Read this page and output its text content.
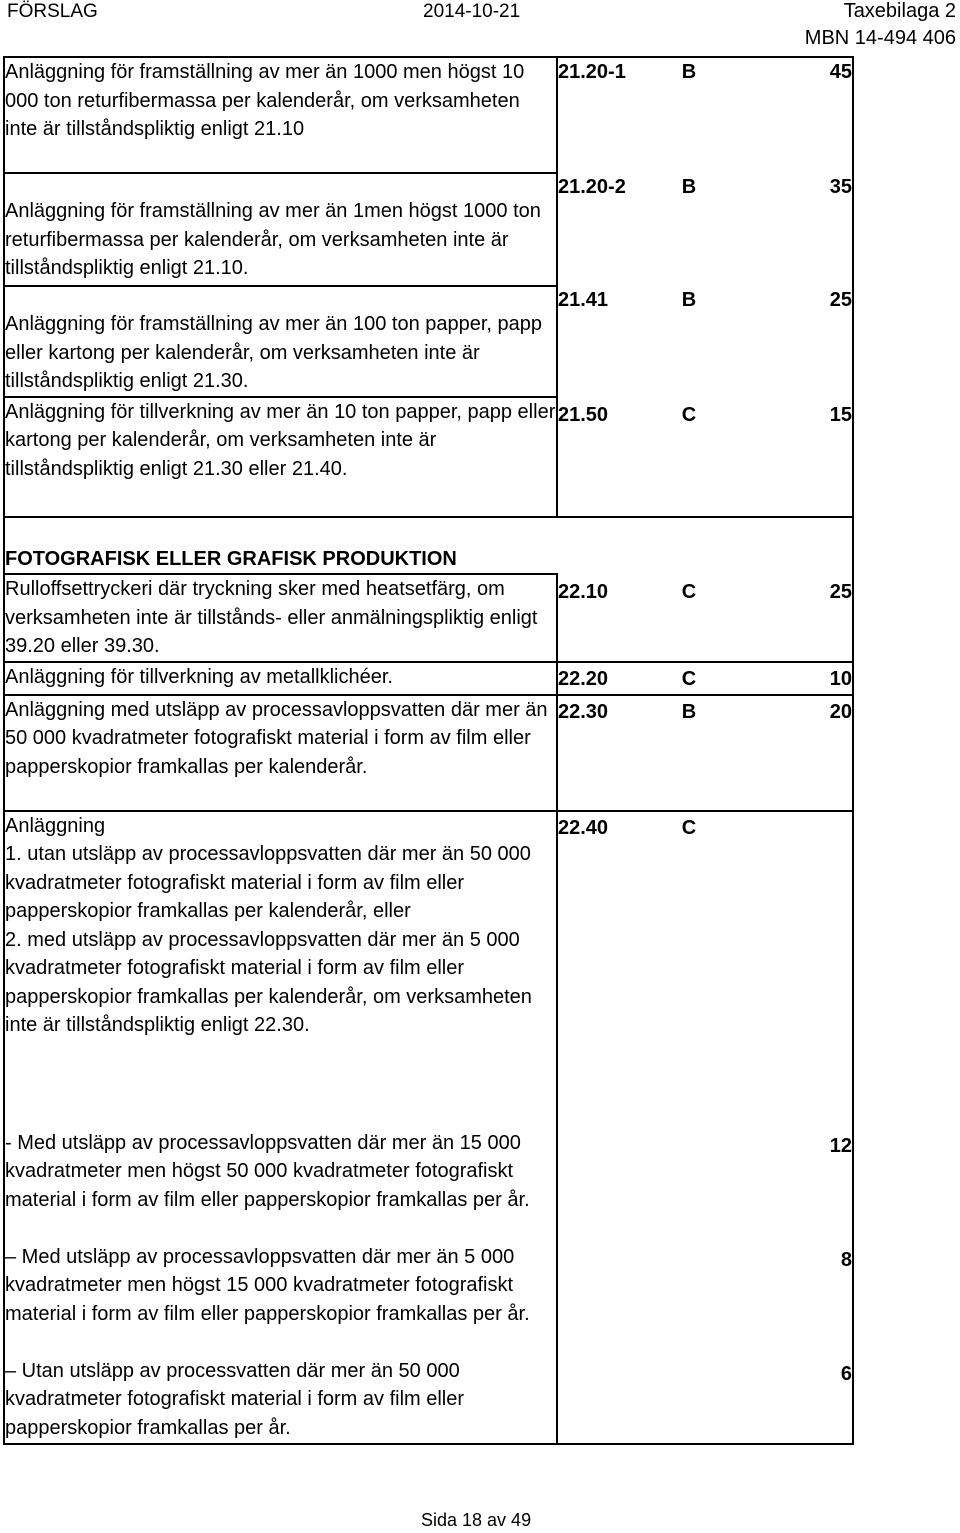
FÖRSLAG	2014-10-21	Taxebilaga 2
MBN 14-494 406
Anläggning för framställning av mer än 1000 men högst 10 000 ton returfibermassa per kalenderår, om verksamheten inte är tillståndspliktig enligt 21.10	21.20-1	B	45
Anläggning för framställning av mer än 1men högst 1000 ton returfibermassa per kalenderår, om verksamheten inte är tillståndspliktig enligt 21.10.	21.20-2	B	35
Anläggning för framställning av mer än 100 ton papper, papp eller kartong per kalenderår, om verksamheten inte är tillståndspliktig enligt 21.30.	21.41	B	25
Anläggning för tillverkning av mer än 10 ton papper, papp eller kartong per kalenderår, om verksamheten inte är tillståndspliktig enligt 21.30 eller 21.40.	21.50	C	15
FOTOGRAFISK ELLER GRAFISK PRODUKTION			
Rulloffsettryckeri där tryckning sker med heatsetfärg, om verksamheten inte är tillstånds- eller anmälningspliktig enligt 39.20 eller 39.30.	22.10	C	25
Anläggning för tillverkning av metallklichéer.	22.20	C	10
Anläggning med utsläpp av processavloppsvatten där mer än 50 000 kvadratmeter fotografiskt material i form av film eller papperskopior framkallas per kalenderår.	22.30	B	20

Anläggning
1. utan utsläpp av processavloppsvatten där mer än 50 000 kvadratmeter fotografiskt material i form av film eller papperskopior framkallas per kalenderår, eller
2. med utsläpp av processavloppsvatten där mer än 5 000 kvadratmeter fotografiskt material i form av film eller papperskopior framkallas per kalenderår, om verksamheten inte är tillståndspliktig enligt 22.30.	22.40	C	
- Med utsläpp av processavloppsvatten där mer än 15 000 kvadratmeter men högst 50 000 kvadratmeter fotografiskt material i form av film eller papperskopior framkallas per år.			12
– Med utsläpp av processavloppsvatten där mer än 5 000 kvadratmeter men högst 15 000 kvadratmeter fotografiskt material i form av film eller papperskopior framkallas per år.			8
– Utan utsläpp av processvatten där mer än 50 000 kvadratmeter fotografiskt material i form av film eller papperskopior framkallas per år.			6
Sida 18 av 49
